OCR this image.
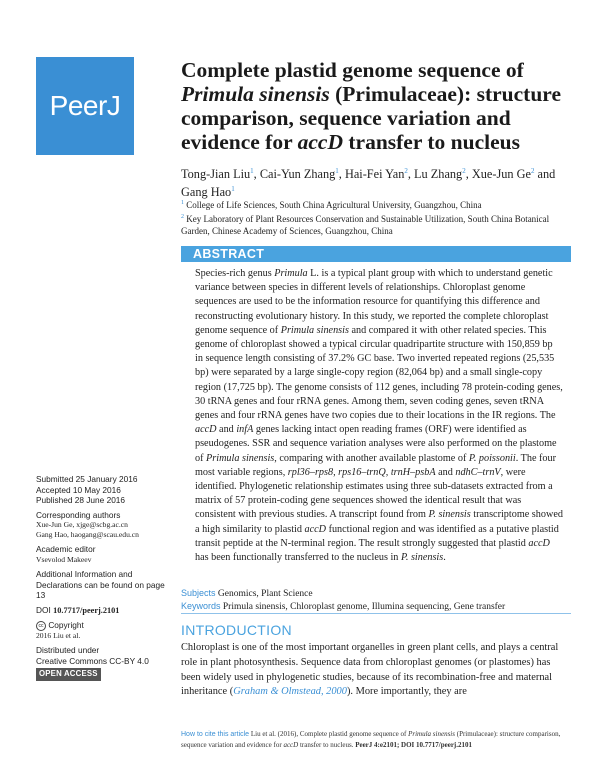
PeerJ
Complete plastid genome sequence of Primula sinensis (Primulaceae): structure comparison, sequence variation and evidence for accD transfer to nucleus
Tong-Jian Liu$^1$, Cai-Yun Zhang$^1$, Hai-Fei Yan$^2$, Lu Zhang$^2$, Xue-Jun Ge$^2$ and Gang Hao$^1$
$^1$ College of Life Sciences, South China Agricultural University, Guangzhou, China
$^2$ Key Laboratory of Plant Resources Conservation and Sustainable Utilization, South China Botanical Garden, Chinese Academy of Sciences, Guangzhou, China
ABSTRACT

Species-rich genus Primula L. is a typical plant group with which to understand genetic variance between species in different levels of relationships. Chloroplast genome sequences are used to be the information resource for quantifying this difference and reconstructing evolutionary history. In this study, we reported the complete chloroplast genome sequence of Primula sinensis and compared it with other related species. This genome of chloroplast showed a typical circular quadripartite structure with 150,859 bp in sequence length consisting of 37.2% GC base. Two inverted repeated regions (25,535 bp) were separated by a large single-copy region (82,064 bp) and a small single-copy region (17,725 bp). The genome consists of 112 genes, including 78 protein-coding genes, 30 tRNA genes and four rRNA genes. Among them, seven coding genes, seven tRNA genes and four rRNA genes have two copies due to their locations in the IR regions. The accD and infA genes lacking intact open reading frames (ORF) were identified as pseudogenes. SSR and sequence variation analyses were also performed on the plastome of Primula sinensis, comparing with another available plastome of P. poissonii. The four most variable regions, rpl36–rps8, rps16–trnQ, trnH–psbA and ndhC–trnV, were identified. Phylogenetic relationship estimates using three sub-datasets extracted from a matrix of 57 protein-coding gene sequences showed the identical result that was consistent with previous studies. A transcript found from P. sinensis transcriptome showed a high similarity to plastid accD functional region and was identified as a putative plastid transit peptide at the N-terminal region. The result strongly suggested that plastid accD has been functionally transferred to the nucleus in P. sinensis.

Submitted 25 January 2016
Accepted 10 May 2016
Published 28 June 2016
Corresponding authors
Xue-Jun Ge, xjge@scbg.ac.cn
Gang Hao, haogang@scau.edu.cn
Academic editor
Vsevolod Makeev
Additional Information and Declarations can be found on page 13
DOI 10.7717/peerj.2101
cc Copyright
2016 Liu et al.
Distributed under
Creative Commons CC-BY 4.0
OPEN ACCESS
Subjects Genomics, Plant Science
Keywords Primula sinensis, Chloroplast genome, Illumina sequencing, Gene transfer
INTRODUCTION

Chloroplast is one of the most important organelles in green plant cells, and plays a central role in plant photosynthesis. Sequence data from chloroplast genomes (or plastomes) has been widely used in phylogenetic studies, because of its recombination-free and maternal inheritance (Graham & Olmstead, 2000). More importantly, they are

How to cite this article Liu et al. (2016), Complete plastid genome sequence of Primula sinensis (Primulaceae): structure comparison, sequence variation and evidence for accD transfer to nucleus. PeerJ 4:e2101; DOI 10.7717/peerj.2101
